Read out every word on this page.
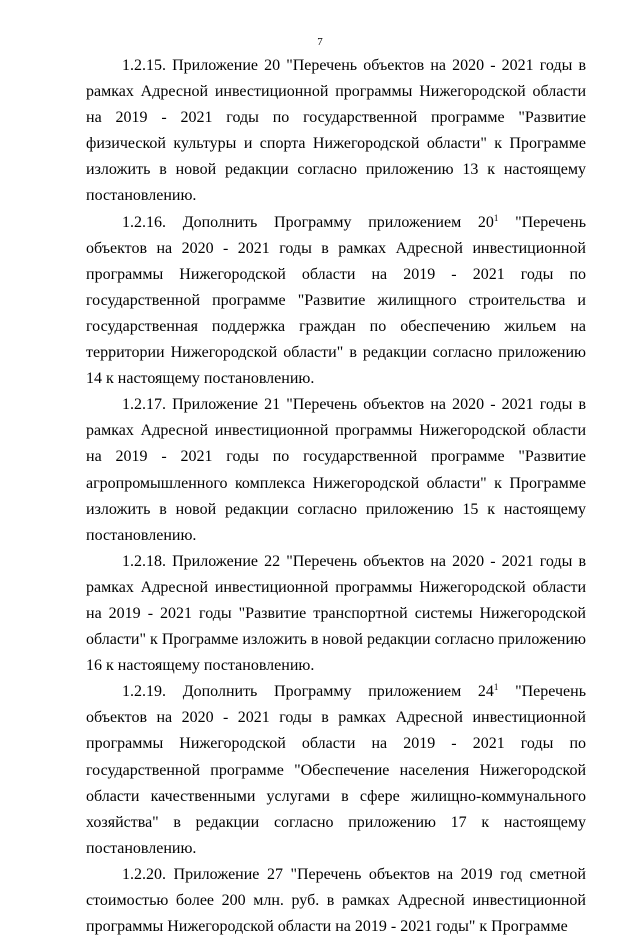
7

1.2.15. Приложение 20 "Перечень объектов на 2020 - 2021 годы в рамках Адресной инвестиционной программы Нижегородской области на 2019 - 2021 годы по государственной программе "Развитие физической культуры и спорта Нижегородской области" к Программе изложить в новой редакции согласно приложению 13 к настоящему постановлению.

1.2.16. Дополнить Программу приложением $20^1$ "Перечень объектов на 2020 - 2021 годы в рамках Адресной инвестиционной программы Нижегородской области на 2019 - 2021 годы по государственной программе "Развитие жилищного строительства и государственная поддержка граждан по обеспечению жильем на территории Нижегородской области" в редакции согласно приложению 14 к настоящему постановлению.

1.2.17. Приложение 21 "Перечень объектов на 2020 - 2021 годы в рамках Адресной инвестиционной программы Нижегородской области на 2019 - 2021 годы по государственной программе "Развитие агропромышленного комплекса Нижегородской области" к Программе изложить в новой редакции согласно приложению 15 к настоящему постановлению.

1.2.18. Приложение 22 "Перечень объектов на 2020 - 2021 годы в рамках Адресной инвестиционной программы Нижегородской области на 2019 - 2021 годы "Развитие транспортной системы Нижегородской области" к Программе изложить в новой редакции согласно приложению 16 к настоящему постановлению.

1.2.19. Дополнить Программу приложением $24^1$ "Перечень объектов на 2020 - 2021 годы в рамках Адресной инвестиционной программы Нижегородской области на 2019 - 2021 годы по государственной программе "Обеспечение населения Нижегородской области качественными услугами в сфере жилищно-коммунального хозяйства" в редакции согласно приложению 17 к настоящему постановлению.

1.2.20. Приложение 27 "Перечень объектов на 2019 год сметной стоимостью более 200 млн. руб. в рамках Адресной инвестиционной программы Нижегородской области на 2019 - 2021 годы" к Программе
